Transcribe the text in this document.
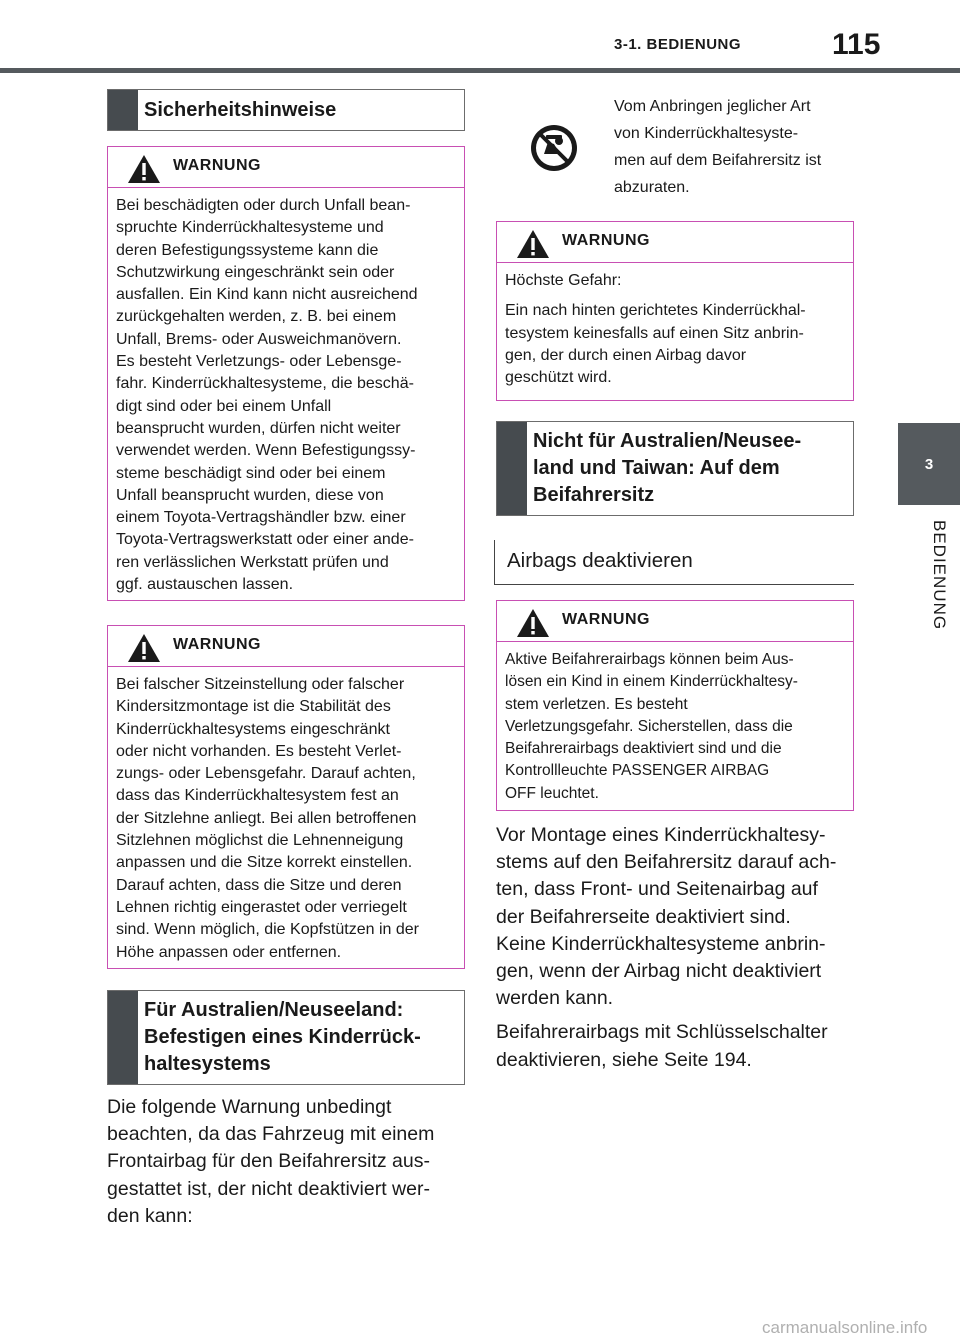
3-1. BEDIENUNG	115
3
BEDIENUNG
Sicherheitshinweise
WARNUNG

Bei beschädigten oder durch Unfall bean-
spruchte Kinderrückhaltesysteme und
deren Befestigungssysteme kann die
Schutzwirkung eingeschränkt sein oder
ausfallen. Ein Kind kann nicht ausreichend
zurückgehalten werden, z. B. bei einem
Unfall, Brems- oder Ausweichmanövern.
Es besteht Verletzungs- oder Lebensge-
fahr. Kinderrückhaltesysteme, die beschä-
digt sind oder bei einem Unfall
beansprucht wurden, dürfen nicht weiter
verwendet werden. Wenn Befestigungssy-
steme beschädigt sind oder bei einem
Unfall beansprucht wurden, diese von
einem Toyota-Vertragshändler bzw. einer
Toyota-Vertragswerkstatt oder einer ande-
ren verlässlichen Werkstatt prüfen und
ggf. austauschen lassen.

WARNUNG

Bei falscher Sitzeinstellung oder falscher
Kindersitzmontage ist die Stabilität des
Kinderrückhaltesystems eingeschränkt
oder nicht vorhanden. Es besteht Verlet-
zungs- oder Lebensgefahr. Darauf achten,
dass das Kinderrückhaltesystem fest an
der Sitzlehne anliegt. Bei allen betroffenen
Sitzlehnen möglichst die Lehnenneigung
anpassen und die Sitze korrekt einstellen.
Darauf achten, dass die Sitze und deren
Lehnen richtig eingerastet oder verriegelt
sind. Wenn möglich, die Kopfstützen in der
Höhe anpassen oder entfernen.

Für Australien/Neuseeland:
Befestigen eines Kinderrück-
haltesystems

Die folgende Warnung unbedingt
beachten, da das Fahrzeug mit einem
Frontairbag für den Beifahrersitz aus-
gestattet ist, der nicht deaktiviert wer-
den kann:

Vom Anbringen jeglicher Art
von Kinderrückhaltesyste-
men auf dem Beifahrersitz ist
abzuraten.
WARNUNG

Höchste Gefahr:

Ein nach hinten gerichtetes Kinderrückhal-
tesystem keinesfalls auf einen Sitz anbrin-
gen, der durch einen Airbag davor
geschützt wird.

Nicht für Australien/Neusee-
land und Taiwan: Auf dem
Beifahrersitz
Airbags deaktivieren
WARNUNG

Aktive Beifahrerairbags können beim Aus-
lösen ein Kind in einem Kinderrückhaltesy-
stem verletzen. Es besteht
Verletzungsgefahr. Sicherstellen, dass die
Beifahrerairbags deaktiviert sind und die
Kontrollleuchte PASSENGER AIRBAG
OFF leuchtet.

Vor Montage eines Kinderrückhaltesy-
stems auf den Beifahrersitz darauf ach-
ten, dass Front- und Seitenairbag auf
der Beifahrerseite deaktiviert sind.
Keine Kinderrückhaltesysteme anbrin-
gen, wenn der Airbag nicht deaktiviert
werden kann.

Beifahrerairbags mit Schlüsselschalter
deaktivieren, siehe Seite 194.

carmanualsonline.info
